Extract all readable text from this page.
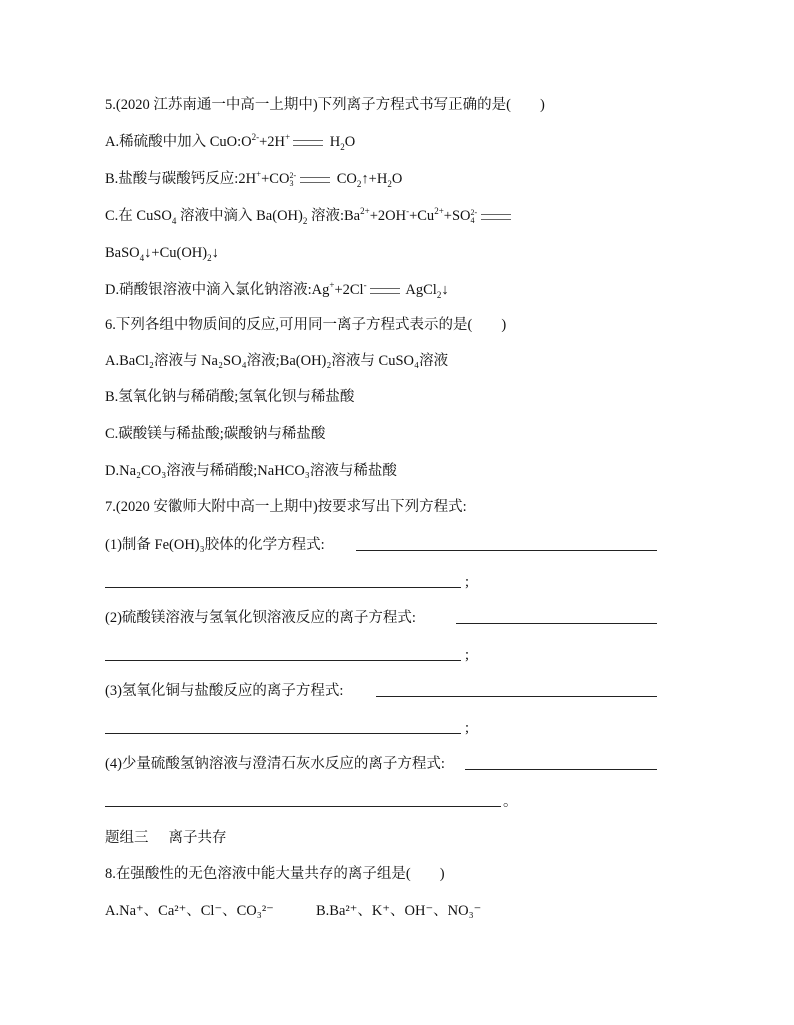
5.(2020 江苏南通一中高一上期中)下列离子方程式书写正确的是(　　)
A.稀硫酸中加入 $CuO:O^{2-}+2H^+$ $H_2O$
B.盐酸与碳酸钙反应:2H++CO 2-
3	$CO_2↑+H_2O$
C.在 CuSO$_4$ 溶液中滴入 $Ba(OH)_2$ 溶液$:Ba^{2+}+2OH^-+Cu^{2+}+SO$ 2-
4
$BaSO_4↓+Cu(OH)_2↓$
D.硝酸银溶液中滴入氯化钠溶液:Ag++2Cl- AgCl$_2$↓
6.下列各组中物质间的反应,可用同一离子方程式表示的是(　　)
A.BaCl₂溶液与 Na₂SO₄溶液;Ba(OH)₂溶液与 CuSO₄溶液
B.氢氧化钠与稀硝酸;氢氧化钡与稀盐酸
C.碳酸镁与稀盐酸;碳酸钠与稀盐酸
D.Na₂CO₃溶液与稀硝酸;NaHCO₃溶液与稀盐酸
7.(2020 安徽师大附中高一上期中)按要求写出下列方程式:
(1)制备 Fe(OH)₃胶体的化学方程式:
;
(2)硫酸镁溶液与氢氧化钡溶液反应的离子方程式:
;
(3)氢氧化铜与盐酸反应的离子方程式:
;
(4)少量硫酸氢钠溶液与澄清石灰水反应的离子方程式:
。
题组三 离子共存
8.在强酸性的无色溶液中能大量共存的离子组是(　　)
A.Na⁺、Ca²⁺、Cl⁻、CO₃²⁻	B.Ba²⁺、K⁺、OH⁻、NO₃⁻
